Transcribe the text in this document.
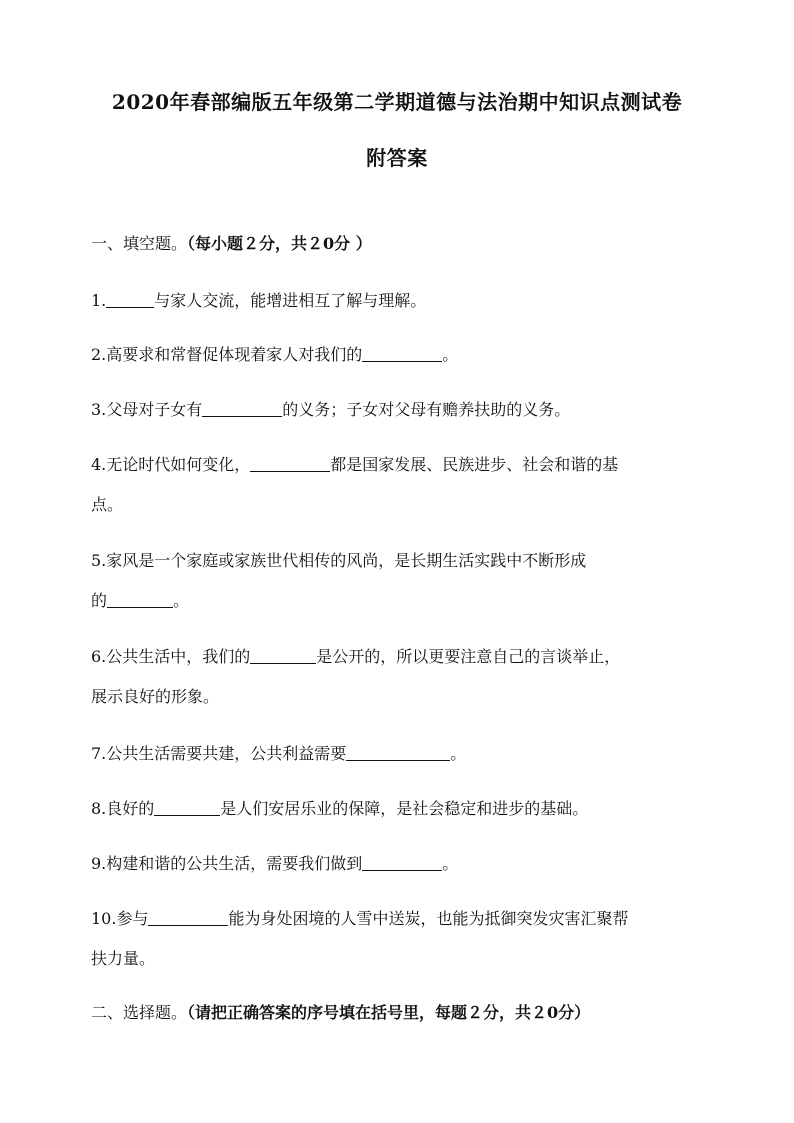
2020年春部编版五年级第二学期道德与法治期中知识点测试卷
附答案
一、填空题。（每小题２分，共２0分 ）
1.	与家人交流，能增进相互了解与理解。
2.高要求和常督促体现着家人对我们的	。
3.父母对子女有	的义务；子女对父母有赡养扶助的义务。
4.无论时代如何变化，	都是国家发展、民族进步、社会和谐的基
点。
5.家风是一个家庭或家族世代相传的风尚，是长期生活实践中不断形成
的	。
6.公共生活中，我们的	是公开的，所以更要注意自己的言谈举止，
展示良好的形象。
7.公共生活需要共建，公共利益需要	。
8.良好的	是人们安居乐业的保障，是社会稳定和进步的基础。
9.构建和谐的公共生活，需要我们做到	。
10.参与	能为身处困境的人雪中送炭，也能为抵御突发灾害汇聚帮
扶力量。
二、选择题。（请把正确答案的序号填在括号里，每题２分，共２0分）
